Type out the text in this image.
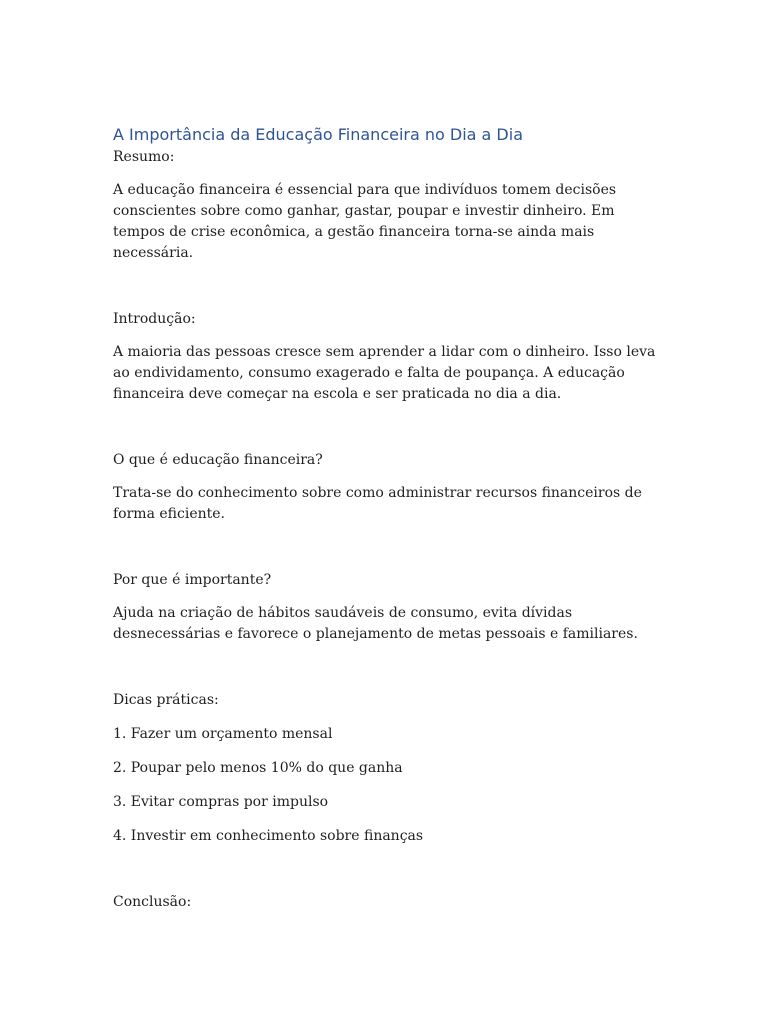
A Importância da Educação Financeira no Dia a Dia

Resumo:

A educação financeira é essencial para que indivíduos tomem decisões conscientes sobre como ganhar, gastar, poupar e investir dinheiro. Em tempos de crise econômica, a gestão financeira torna-se ainda mais necessária.

Introdução:

A maioria das pessoas cresce sem aprender a lidar com o dinheiro. Isso leva ao endividamento, consumo exagerado e falta de poupança. A educação financeira deve começar na escola e ser praticada no dia a dia.

O que é educação financeira?

Trata-se do conhecimento sobre como administrar recursos financeiros de forma eficiente.

Por que é importante?

Ajuda na criação de hábitos saudáveis de consumo, evita dívidas desnecessárias e favorece o planejamento de metas pessoais e familiares.

Dicas práticas:

1. Fazer um orçamento mensal

2. Poupar pelo menos 10% do que ganha

3. Evitar compras por impulso

4. Investir em conhecimento sobre finanças

Conclusão:
